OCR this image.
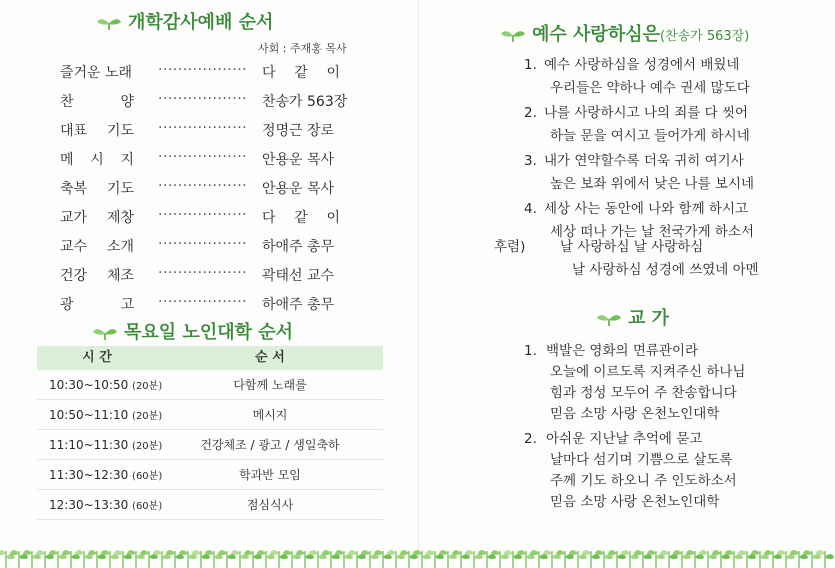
개학감사예배 순서
사회 : 주재홍 목사
즐거운 노래 ··················	다 같 이
찬 양 ··················	찬송가 563장
대표 기도 ··················	정명근 장로
메 시 지 ··················	안용운 목사
축복 기도 ··················	안용운 목사
교가 제창 ··················	다 같 이
교수 소개 ··················	하애주 총무
건강 체조 ··················	곽태선 교수
광 고 ··················	하애주 총무
목요일 노인대학 순서
시 간	순 서
10:30~10:50 (20분)	다함께 노래를
10:50~11:10 (20분)	메시지
11:10~11:30 (20분)	건강체조 / 광고 / 생일축하
11:30~12:30 (60분)	학과반 모임
12:30~13:30 (60분)	점심식사
예수 사랑하심은(찬송가 563장)
1. 예수 사랑하심을 성경에서 배웠네
우리들은 약하나 예수 권세 많도다
2. 나를 사랑하시고 나의 죄를 다 씻어
하늘 문을 여시고 들어가게 하시네
3. 내가 연약할수록 더욱 귀히 여기사
높은 보좌 위에서 낮은 나를 보시네
4. 세상 사는 동안에 나와 함께 하시고
세상 떠나 가는 날 천국가게 하소서
후렴)	날 사랑하심 날 사랑하심
날 사랑하심 성경에 쓰였네 아멘
교 가
1. 백발은 영화의 면류관이라
오늘에 이르도록 지켜주신 하나님
힘과 정성 모두어 주 찬송합니다
믿음 소망 사랑 온천노인대학
2. 아쉬운 지난날 추억에 묻고
날마다 섬기며 기쁨으로 살도록
주께 기도 하오니 주 인도하소서
믿음 소망 사랑 온천노인대학
